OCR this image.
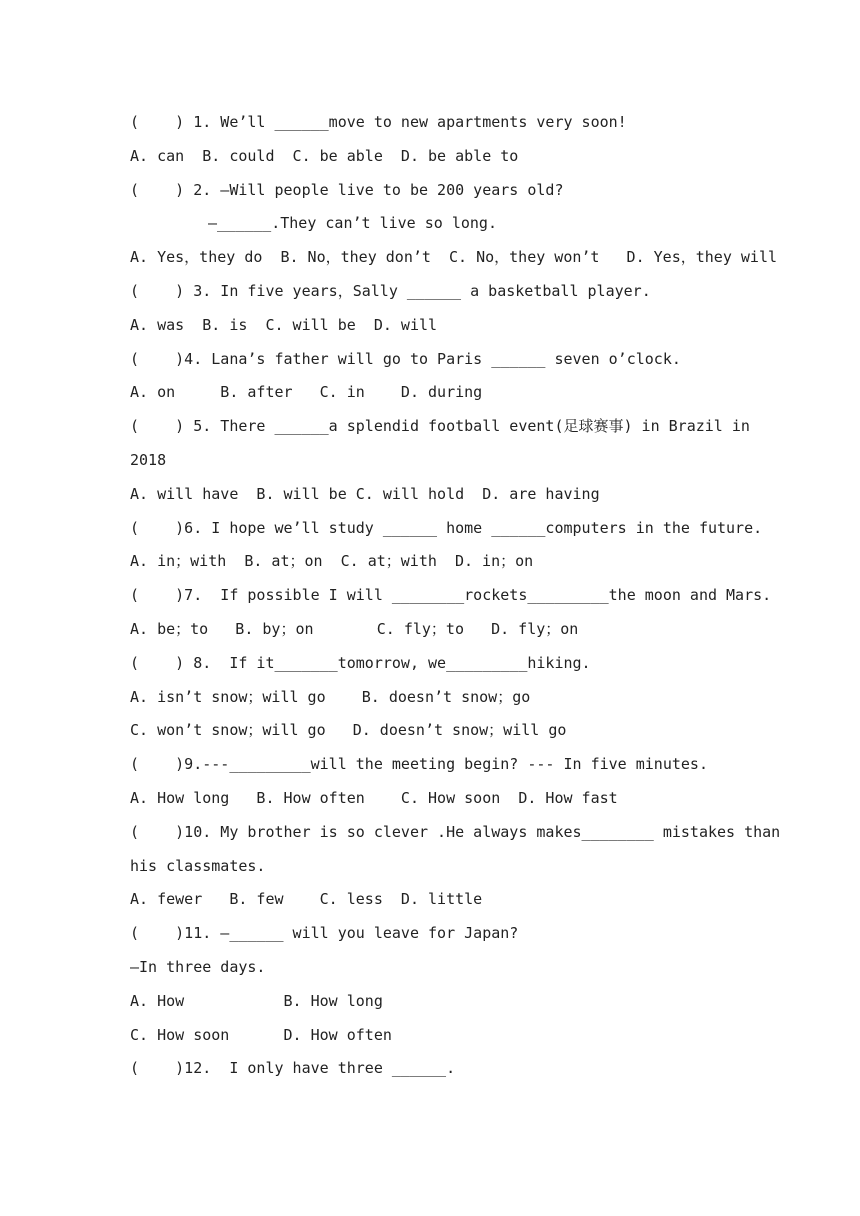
(    ) 1. We’ll ______move to new apartments very soon!
A. can  B. could  C. be able  D. be able to
(    ) 2. —Will people live to be 200 years old?
—______.They can’t live so long.
A. Yes，they do  B. No，they don’t  C. No，they won’t   D. Yes，they will
(    ) 3. In five years，Sally ______ a basketball player.
A. was  B. is  C. will be  D. will
(    )4. Lana’s father will go to Paris ______ seven o’clock.
A. on     B. after   C. in    D. during
(    ) 5. There ______a splendid football event(足球赛事) in Brazil in
2018
A. will have  B. will be C. will hold  D. are having
(    )6. I hope we’ll study ______ home ______computers in the future.
A. in；with  B. at；on  C. at；with  D. in；on
(    )7.  If possible I will ________rockets_________the moon and Mars.
A. be；to   B. by；on       C. fly；to   D. fly；on
(    ) 8.  If it_______tomorrow, we_________hiking.
A. isn’t snow；will go    B. doesn’t snow；go
C. won’t snow；will go   D. doesn’t snow；will go
(    )9.---_________will the meeting begin? --- In five minutes.
A. How long   B. How often    C. How soon  D. How fast
(    )10. My brother is so clever .He always makes________ mistakes than
his classmates.
A. fewer   B. few    C. less  D. little
(    )11. —______ will you leave for Japan?
—In three days.
A. How           B. How long
C. How soon      D. How often
(    )12.  I only have three ______.
